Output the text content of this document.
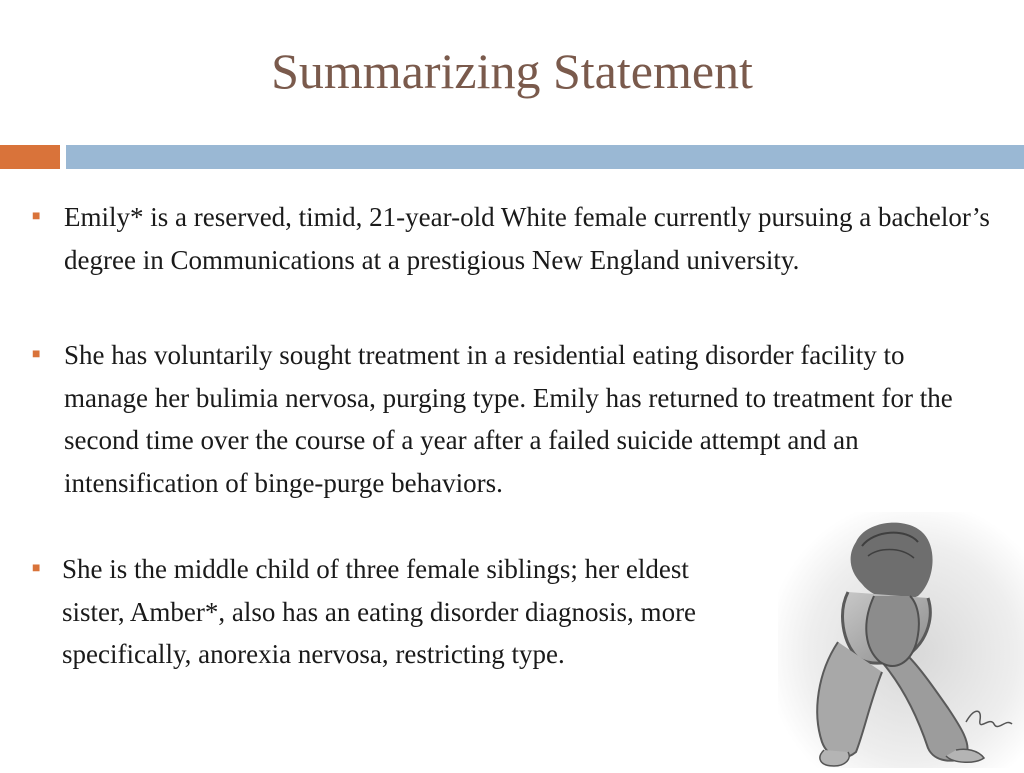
Summarizing Statement
■ Emily* is a reserved, timid, 21-year-old White female currently pursuing a bachelor’s degree in Communications at a prestigious New England university.
■ She has voluntarily sought treatment in a residential eating disorder facility to manage her bulimia nervosa, purging type. Emily has returned to treatment for the second time over the course of a year after a failed suicide attempt and an intensification of binge-purge behaviors.
■ She is the middle child of three female siblings; her eldest sister, Amber*, also has an eating disorder diagnosis, more specifically, anorexia nervosa, restricting type.
